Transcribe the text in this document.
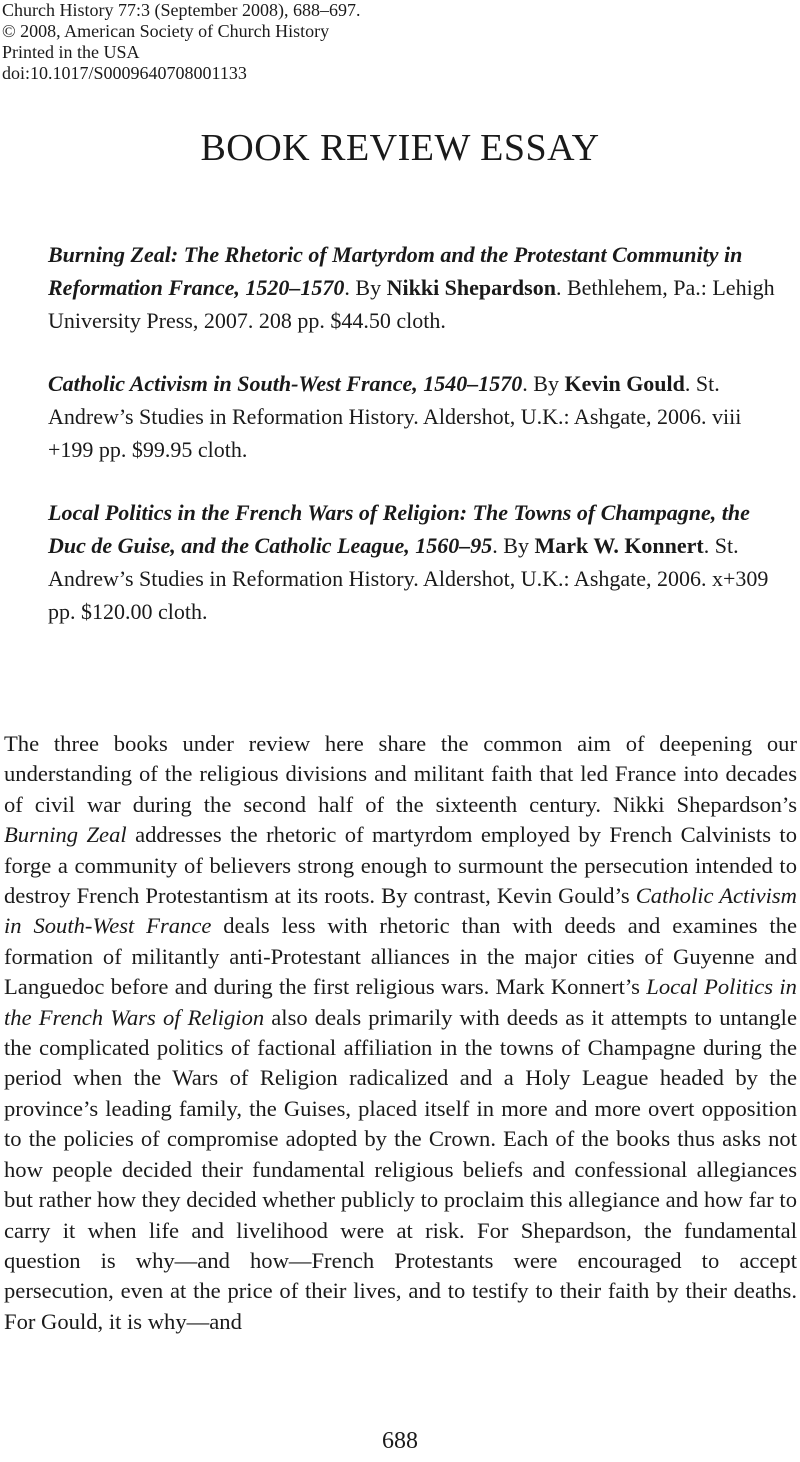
Church History 77:3 (September 2008), 688–697.
© 2008, American Society of Church History
Printed in the USA
doi:10.1017/S0009640708001133
BOOK REVIEW ESSAY

Burning Zeal: The Rhetoric of Martyrdom and the Protestant Community in Reformation France, 1520–1570. By Nikki Shepardson. Bethlehem, Pa.: Lehigh University Press, 2007. 208 pp. $44.50 cloth.

Catholic Activism in South-West France, 1540–1570. By Kevin Gould. St. Andrew’s Studies in Reformation History. Aldershot, U.K.: Ashgate, 2006. viii +199 pp. $99.95 cloth.

Local Politics in the French Wars of Religion: The Towns of Champagne, the Duc de Guise, and the Catholic League, 1560–95. By Mark W. Konnert. St. Andrew’s Studies in Reformation History. Aldershot, U.K.: Ashgate, 2006. x+309 pp. $120.00 cloth.

The three books under review here share the common aim of deepening our understanding of the religious divisions and militant faith that led France into decades of civil war during the second half of the sixteenth century. Nikki Shepardson’s Burning Zeal addresses the rhetoric of martyrdom employed by French Calvinists to forge a community of believers strong enough to surmount the persecution intended to destroy French Protestantism at its roots. By contrast, Kevin Gould’s Catholic Activism in South-West France deals less with rhetoric than with deeds and examines the formation of militantly anti-Protestant alliances in the major cities of Guyenne and Languedoc before and during the first religious wars. Mark Konnert’s Local Politics in the French Wars of Religion also deals primarily with deeds as it attempts to untangle the complicated politics of factional affiliation in the towns of Champagne during the period when the Wars of Religion radicalized and a Holy League headed by the province’s leading family, the Guises, placed itself in more and more overt opposition to the policies of compromise adopted by the Crown. Each of the books thus asks not how people decided their fundamental religious beliefs and confessional allegiances but rather how they decided whether publicly to proclaim this allegiance and how far to carry it when life and livelihood were at risk. For Shepardson, the fundamental question is why—and how—French Protestants were encouraged to accept persecution, even at the price of their lives, and to testify to their faith by their deaths. For Gould, it is why—and

688
